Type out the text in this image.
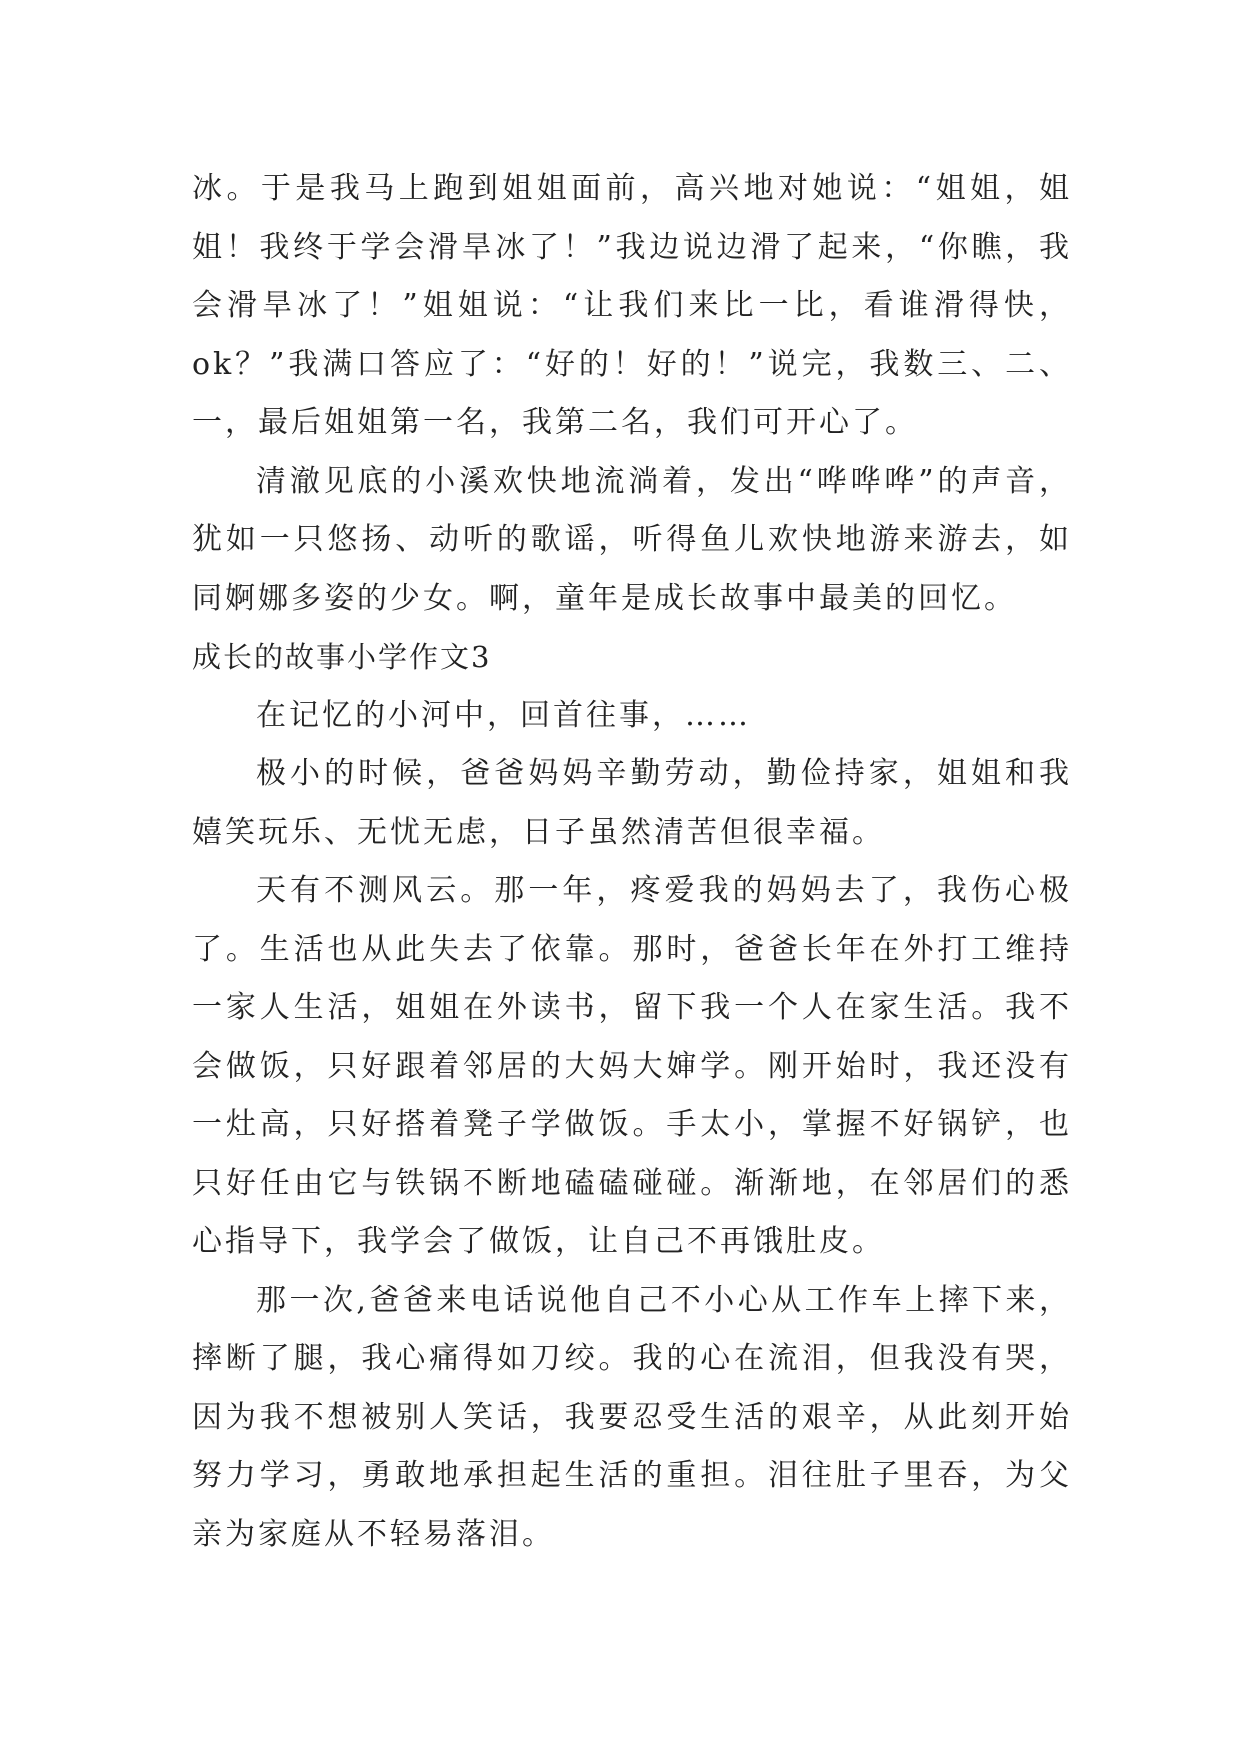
冰。于是我马上跑到姐姐面前，高兴地对她说：“姐姐，姐姐！我终于学会滑旱冰了！”我边说边滑了起来，“你瞧，我会滑旱冰了！”姐姐说：“让我们来比一比，看谁滑得快，ok？”我满口答应了：“好的！好的！”说完，我数三、二、一，最后姐姐第一名，我第二名，我们可开心了。

清澈见底的小溪欢快地流淌着，发出“哗哗哗”的声音，犹如一只悠扬、动听的歌谣，听得鱼儿欢快地游来游去，如同婀娜多姿的少女。啊，童年是成长故事中最美的回忆。

成长的故事小学作文3

在记忆的小河中，回首往事，……

极小的时候，爸爸妈妈辛勤劳动，勤俭持家，姐姐和我嬉笑玩乐、无忧无虑，日子虽然清苦但很幸福。

天有不测风云。那一年，疼爱我的妈妈去了，我伤心极了。生活也从此失去了依靠。那时，爸爸长年在外打工维持一家人生活，姐姐在外读书，留下我一个人在家生活。我不会做饭，只好跟着邻居的大妈大婶学。刚开始时，我还没有一灶高，只好搭着凳子学做饭。手太小，掌握不好锅铲，也只好任由它与铁锅不断地磕磕碰碰。渐渐地，在邻居们的悉心指导下，我学会了做饭，让自己不再饿肚皮。

那一次,爸爸来电话说他自己不小心从工作车上摔下来，摔断了腿，我心痛得如刀绞。我的心在流泪，但我没有哭，因为我不想被别人笑话，我要忍受生活的艰辛，从此刻开始努力学习，勇敢地承担起生活的重担。泪往肚子里吞，为父亲为家庭从不轻易落泪。
